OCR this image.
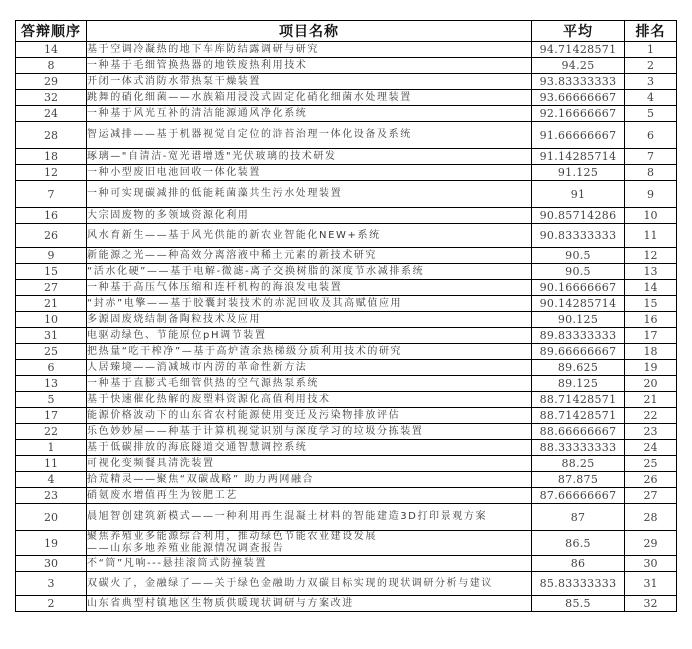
答辩顺序	项目名称	平均	排名
14	基于空调冷凝热的地下车库防结露调研与研究	94.71428571	1
8	一种基于毛细管换热器的地铁废热利用技术	94.25	2
29	开闭一体式消防水带热泵干燥装置	93.83333333	3
32	跳舞的硝化细菌——水族箱用浸没式固定化硝化细菌水处理装置	93.66666667	4
24	一种基于风光互补的清洁能源通风净化系统	92.16666667	5
28	智运减排——基于机器视觉自定位的浒苔治理一体化设备及系统	91.66666667	6
18	琢璃—"自清洁-宽光谱增透"光伏玻璃的技术研发	91.14285714	7
12	一种小型废旧电池回收一体化装置	91.125	8
7	一种可实现碳减排的低能耗菌藻共生污水处理装置	91	9
16	大宗固废物的多领域资源化利用	90.85714286	10
26	风水育新生——基于风光供能的新农业智能化NEW+系统	90.83333333	11
9	新能源之光——种高效分离溶液中稀土元素的新技术研究	90.5	12
15	“活水化硬”——基于电解-微滤-离子交换树脂的深度节水减排系统	90.5	13
27	一种基于高压气体压缩和连杆机构的海浪发电装置	90.16666667	14
21	“封赤”电擎——基于胶囊封装技术的赤泥回收及其高赋值应用	90.14285714	15
10	多源固废烧结制备陶粒技术及应用	90.125	16
31	电驱动绿色、节能原位pH调节装置	89.83333333	17
25	把热量“吃干榨净”—基于高炉渣余热梯级分质利用技术的研究	89.66666667	18
6	人居臻境——消减城市内涝的革命性新方法	89.625	19
13	一种基于直膨式毛细管供热的空气源热泵系统	89.125	20
5	基于快速催化热解的废塑料资源化高值利用技术	88.71428571	21
17	能源价格波动下的山东省农村能源使用变迁及污染物排放评估	88.71428571	22
22	乐色妙妙屋——种基于计算机视觉识别与深度学习的垃圾分拣装置	88.66666667	23
1	基于低碳排放的海底隧道交通智慧调控系统	88.33333333	24
11	可视化变频餐具清洗装置	88.25	25
4	拾荒精灵——聚焦“双碳战略” 助力两网融合	87.875	26
23	硝氨废水增值再生为铵肥工艺	87.66666667	27
20	晨旭智创建筑新模式——一种利用再生混凝土材料的智能建造3D打印景观方案	87	28
19	聚焦养殖业多能源综合利用，推动绿色节能农业建设发展
——山东多地养殖业能源情况调查报告	86.5	29
30	不“筒”凡响---悬挂滚筒式防撞装置	86	30
3	双碳火了，金融绿了——关于绿色金融助力双碳目标实现的现状调研分析与建议	85.83333333	31
2	山东省典型村镇地区生物质供暖现状调研与方案改进	85.5	32
